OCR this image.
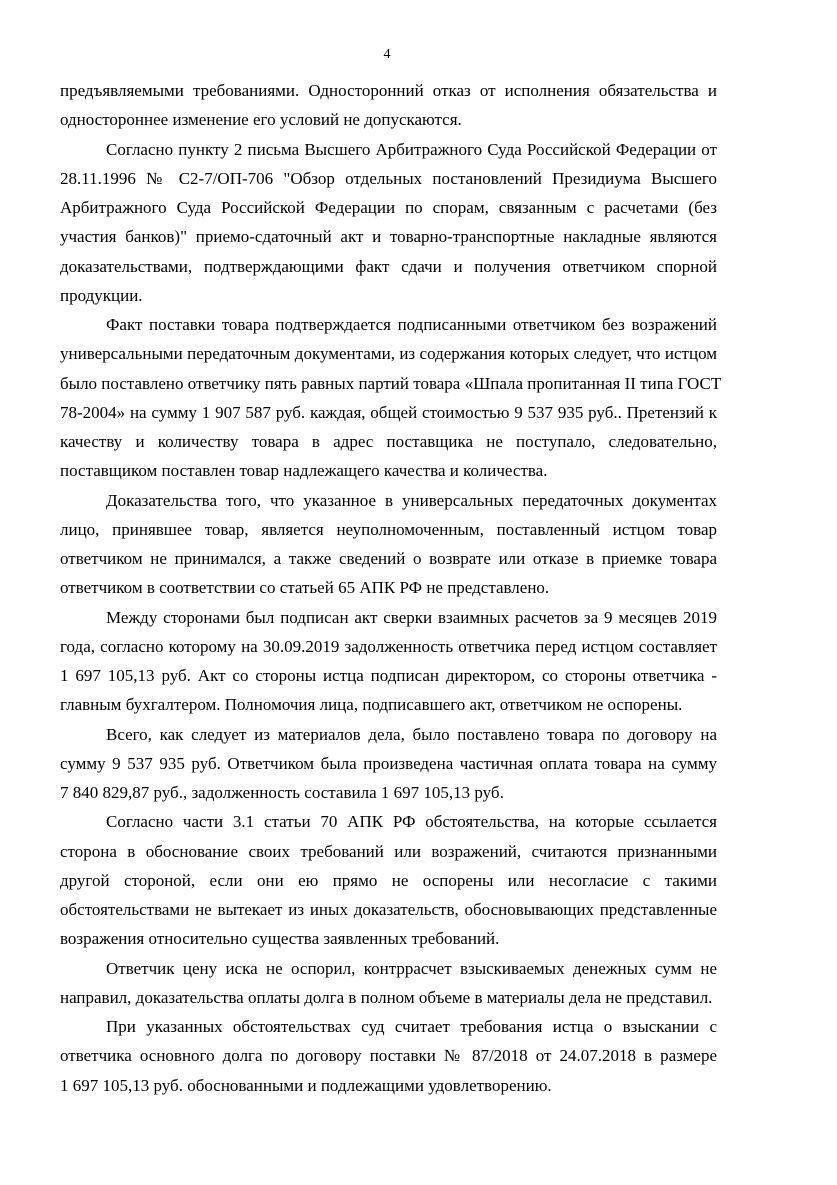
4
предъявляемыми требованиями. Односторонний отказ от исполнения обязательства и
одностороннее изменение его условий не допускаются.
Согласно пункту 2 письма Высшего Арбитражного Суда Российской Федерации от
28.11.1996 № С2-7/ОП-706 "Обзор отдельных постановлений Президиума Высшего
Арбитражного Суда Российской Федерации по спорам, связанным с расчетами (без
участия банков)" приемо-сдаточный акт и товарно-транспортные накладные являются
доказательствами, подтверждающими факт сдачи и получения ответчиком спорной
продукции.
Факт поставки товара подтверждается подписанными ответчиком без возражений
универсальными передаточным документами, из содержания которых следует, что истцом
было поставлено ответчику пять равных партий товара «Шпала пропитанная II типа ГОСТ
78-2004» на сумму 1 907 587 руб. каждая, общей стоимостью 9 537 935 руб.. Претензий к
качеству и количеству товара в адрес поставщика не поступало, следовательно,
поставщиком поставлен товар надлежащего качества и количества.
Доказательства того, что указанное в универсальных передаточных документах
лицо, принявшее товар, является неуполномоченным, поставленный истцом товар
ответчиком не принимался, а также сведений о возврате или отказе в приемке товара
ответчиком в соответствии со статьей 65 АПК РФ не представлено.
Между сторонами был подписан акт сверки взаимных расчетов за 9 месяцев 2019
года, согласно которому на 30.09.2019 задолженность ответчика перед истцом составляет
1 697 105,13 руб. Акт со стороны истца подписан директором, со стороны ответчика -
главным бухгалтером. Полномочия лица, подписавшего акт, ответчиком не оспорены.
Всего, как следует из материалов дела, было поставлено товара по договору на
сумму 9 537 935 руб. Ответчиком была произведена частичная оплата товара на сумму
7 840 829,87 руб., задолженность составила 1 697 105,13 руб.
Согласно части 3.1 статьи 70 АПК РФ обстоятельства, на которые ссылается
сторона в обоснование своих требований или возражений, считаются признанными
другой стороной, если они ею прямо не оспорены или несогласие с такими
обстоятельствами не вытекает из иных доказательств, обосновывающих представленные
возражения относительно существа заявленных требований.
Ответчик цену иска не оспорил, контррасчет взыскиваемых денежных сумм не
направил, доказательства оплаты долга в полном объеме в материалы дела не представил.
При указанных обстоятельствах суд считает требования истца о взыскании с
ответчика основного долга по договору поставки № 87/2018 от 24.07.2018 в размере
1 697 105,13 руб. обоснованными и подлежащими удовлетворению.
